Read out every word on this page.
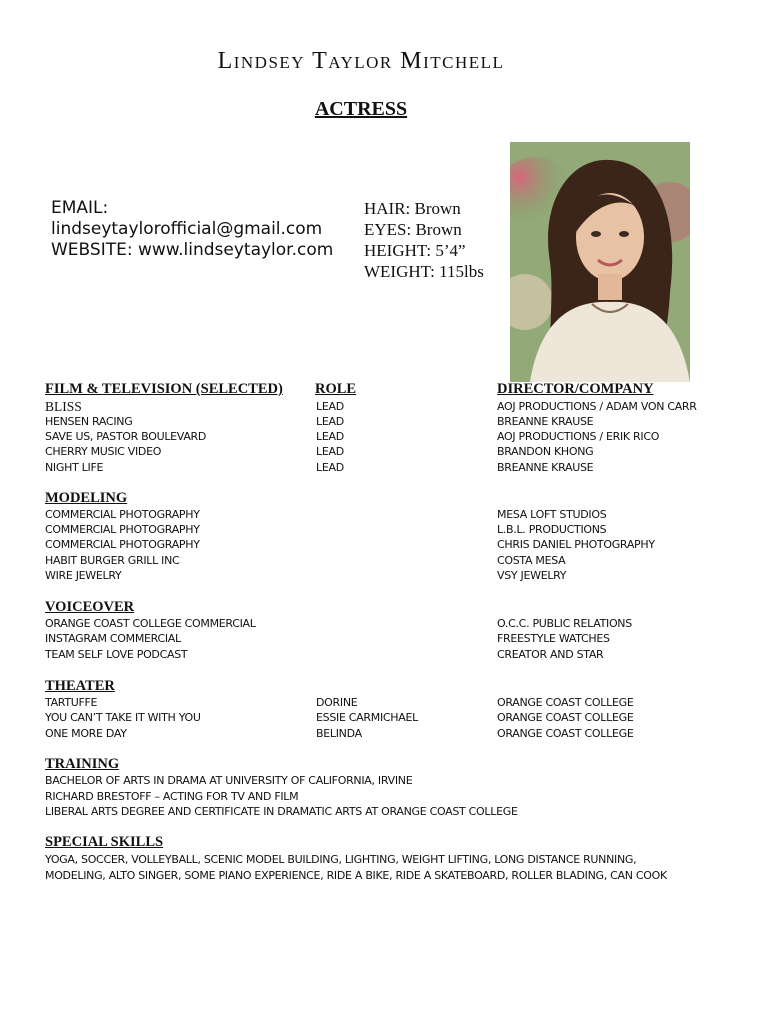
Lindsey Taylor Mitchell
ACTRESS
EMAIL:
lindseytaylorofficial@gmail.com
WEBSITE: www.lindseytaylor.com
HAIR: Brown
EYES: Brown
HEIGHT: 5’4”
WEIGHT: 115lbs
FILM & TELEVISION (SELECTED) ROLE	DIRECTOR/COMPANY
BLISS	LEAD	AOJ PRODUCTIONS / ADAM VON CARR
HENSEN RACING	LEAD	BREANNE KRAUSE
SAVE US, PASTOR BOULEVARD	LEAD	AOJ PRODUCTIONS / ERIK RICO
CHERRY MUSIC VIDEO	LEAD	BRANDON KHONG
NIGHT LIFE	LEAD	BREANNE KRAUSE
MODELING
COMMERCIAL PHOTOGRAPHY	MESA LOFT STUDIOS
COMMERCIAL PHOTOGRAPHY	L.B.L. PRODUCTIONS
COMMERCIAL PHOTOGRAPHY	CHRIS DANIEL PHOTOGRAPHY
HABIT BURGER GRILL INC	COSTA MESA
WIRE JEWELRY	VSY JEWELRY
VOICEOVER
ORANGE COAST COLLEGE COMMERCIAL	O.C.C. PUBLIC RELATIONS
INSTAGRAM COMMERCIAL	FREESTYLE WATCHES
TEAM SELF LOVE PODCAST	CREATOR AND STAR
THEATER
TARTUFFE	DORINE	ORANGE COAST COLLEGE
YOU CAN’T TAKE IT WITH YOU	ESSIE CARMICHAEL	ORANGE COAST COLLEGE
ONE MORE DAY	BELINDA	ORANGE COAST COLLEGE
TRAINING
BACHELOR OF ARTS IN DRAMA AT UNIVERSITY OF CALIFORNIA, IRVINE
RICHARD BRESTOFF – ACTING FOR TV AND FILM
LIBERAL ARTS DEGREE AND CERTIFICATE IN DRAMATIC ARTS AT ORANGE COAST COLLEGE
SPECIAL SKILLS
YOGA, SOCCER, VOLLEYBALL, SCENIC MODEL BUILDING, LIGHTING, WEIGHT LIFTING, LONG DISTANCE RUNNING, MODELING, ALTO SINGER, SOME PIANO EXPERIENCE, RIDE A BIKE, RIDE A SKATEBOARD, ROLLER BLADING, CAN COOK
